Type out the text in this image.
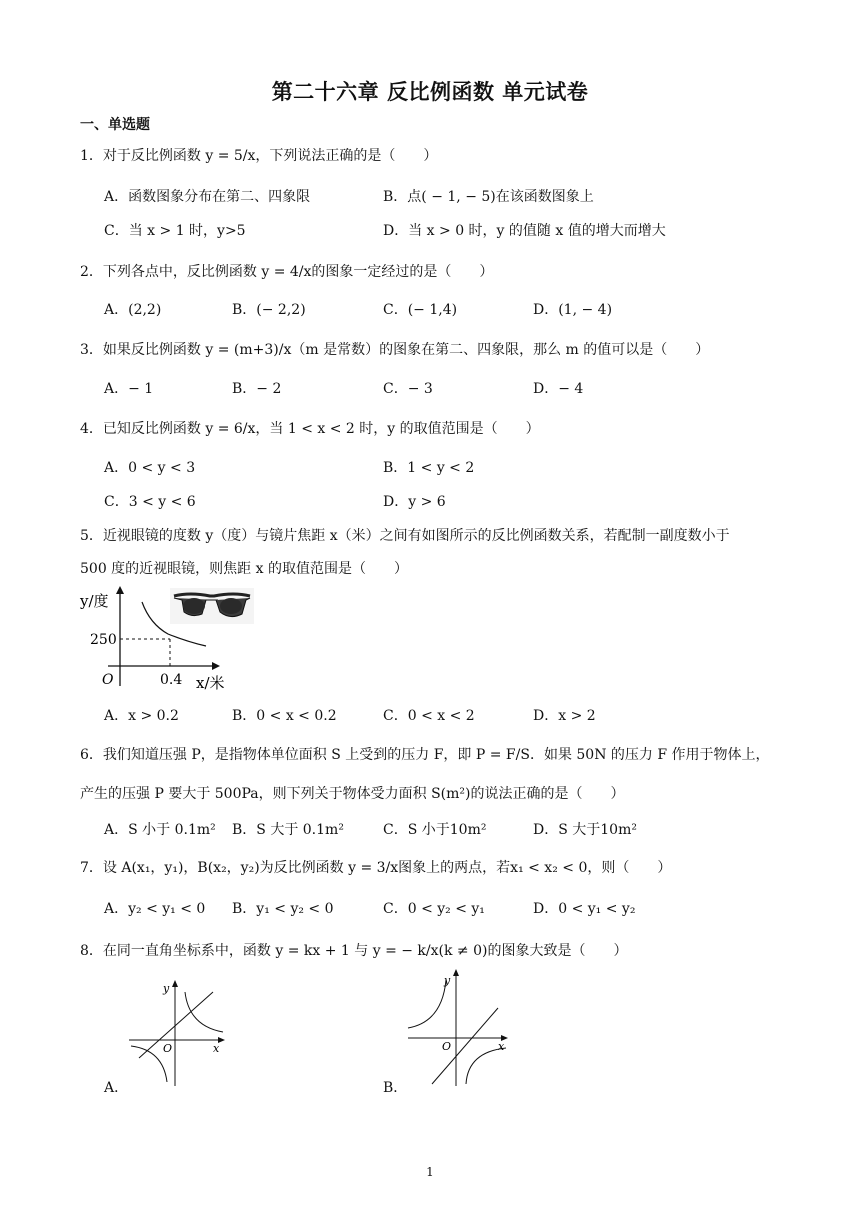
第二十六章 反比例函数 单元试卷
一、单选题
1．对于反比例函数 y = 5/x，下列说法正确的是（　　）
A．函数图象分布在第二、四象限	B．点( − 1, − 5)在该函数图象上
C．当 x > 1 时，y>5	D．当 x > 0 时，y 的值随 x 值的增大而增大
2．下列各点中，反比例函数 y = 4/x的图象一定经过的是（　　）
A．(2,2)	B．(− 2,2)	C．(− 1,4)	D．(1, − 4)
3．如果反比例函数 y = (m+3)/x（m 是常数）的图象在第二、四象限，那么 m 的值可以是（　　）
A．− 1	B．− 2	C．− 3	D．− 4
4．已知反比例函数 y = 6/x，当 1 < x < 2 时，y 的取值范围是（　　）
A．0 < y < 3	B．1 < y < 2
C．3 < y < 6	D．y > 6
5．近视眼镜的度数 y（度）与镜片焦距 x（米）之间有如图所示的反比例函数关系，若配制一副度数小于
500 度的近视眼镜，则焦距 x 的取值范围是（　　）
y/度
250
O	0.4 x/米
A．x > 0.2	B．0 < x < 0.2	C．0 < x < 2	D．x > 2
6．我们知道压强 P，是指物体单位面积 S 上受到的压力 F，即 P = F/S．如果 50N 的压力 F 作用于物体上，
产生的压强 P 要大于 500Pa，则下列关于物体受力面积 S(m²)的说法正确的是（　　）
A．S 小于 0.1m² B．S 大于 0.1m²	C．S 小于10m²	D．S 大于10m²
7．设 A(x₁，y₁)，B(x₂，y₂)为反比例函数 y = 3/x图象上的两点，若x₁ < x₂ < 0，则（　　）
A．y₂ < y₁ < 0 B．y₁ < y₂ < 0	C．0 < y₂ < y₁	D．0 < y₁ < y₂
8．在同一直角坐标系中，函数 y = kx + 1 与 y = − k/x(k ≠ 0)的图象大致是（　　）
y
x
O
A．
y
x
O
B．
1
